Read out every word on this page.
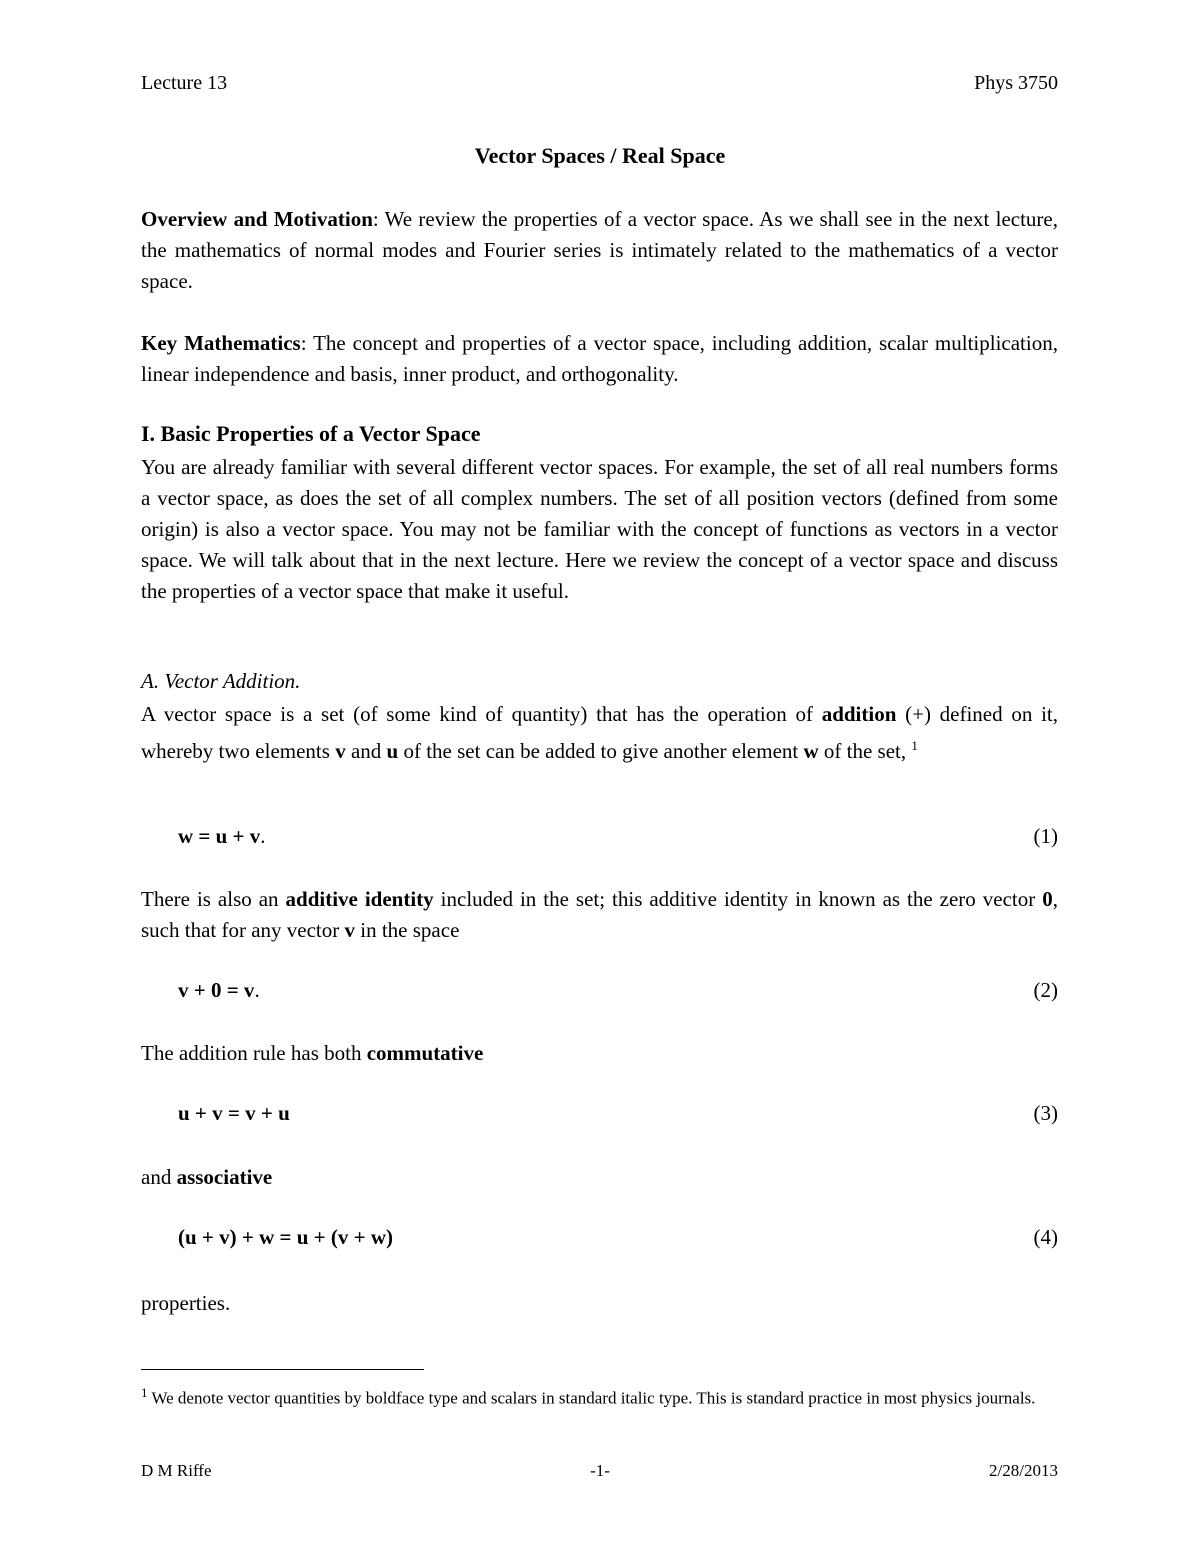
Lecture 13	Phys 3750
Vector Spaces / Real Space
Overview and Motivation: We review the properties of a vector space. As we shall see in the next lecture, the mathematics of normal modes and Fourier series is intimately related to the mathematics of a vector space.
Key Mathematics: The concept and properties of a vector space, including addition, scalar multiplication, linear independence and basis, inner product, and orthogonality.
I. Basic Properties of a Vector Space
You are already familiar with several different vector spaces. For example, the set of all real numbers forms a vector space, as does the set of all complex numbers. The set of all position vectors (defined from some origin) is also a vector space. You may not be familiar with the concept of functions as vectors in a vector space. We will talk about that in the next lecture. Here we review the concept of a vector space and discuss the properties of a vector space that make it useful.
A. Vector Addition.
A vector space is a set (of some kind of quantity) that has the operation of addition (+) defined on it, whereby two elements v and u of the set can be added to give another element w of the set, $^1$
w = u + v.	(1)
There is also an additive identity included in the set; this additive identity in known as the zero vector 0, such that for any vector v in the space
v + 0 = v.	(2)
The addition rule has both commutative
u + v = v + u	(3)
and associative
(u + v) + w = u + (v + w)	(4)
properties.
$^1$ We denote vector quantities by boldface type and scalars in standard italic type. This is standard practice in most physics journals.
D M Riffe	-1-	2/28/2013
